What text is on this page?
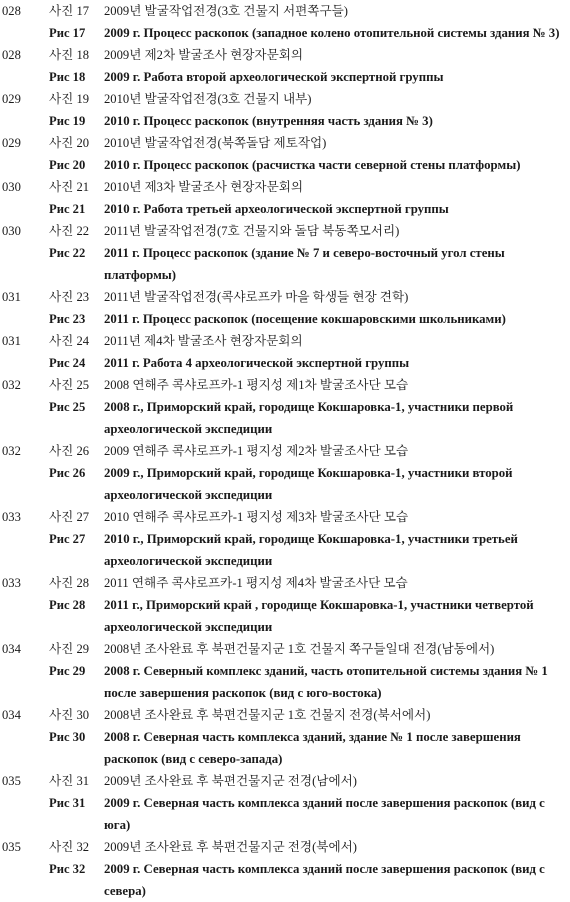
028	사진 17	2009년 발굴작업전경(3호 건물지 서편쪽구들)
Рис 17	2009 г. Процесс раскопок (западное колено отопительной системы здания № 3)
028	사진 18	2009년 제2차 발굴조사 현장자문회의
Рис 18	2009 г. Работа второй археологической экспертной группы
029	사진 19	2010년 발굴작업전경(3호 건물지 내부)
Рис 19	2010 г. Процесс раскопок (внутренняя часть здания № 3)
029	사진 20	2010년 발굴작업전경(북쪽돌담 제토작업)
Рис 20	2010 г. Процесс раскопок (расчистка части северной стены платформы)
030	사진 21	2010년 제3차 발굴조사 현장자문회의
Рис 21	2010 г. Работа третьей археологической экспертной группы
030	사진 22	2011년 발굴작업전경(7호 건물지와 돌담 북동쪽모서리)
Рис 22	2011 г. Процесс раскопок (здание № 7 и северо-восточный угол стены платформы)
031	사진 23	2011년 발굴작업전경(콕샤로프카 마을 학생들 현장 견학)
Рис 23	2011 г. Процесс раскопок (посещение кокшаровскими школьниками)
031	사진 24	2011년 제4차 발굴조사 현장자문회의
Рис 24	2011 г. Работа 4 археологической экспертной группы
032	사진 25	2008 연해주 콕샤로프카-1 평지성 제1차 발굴조사단 모습
Рис 25	2008 г., Приморский край, городище Кокшаровка-1, участники первой археологической экспедиции
032	사진 26	2009 연해주 콕샤로프카-1 평지성 제2차 발굴조사단 모습
Рис 26	2009 г., Приморский край, городище Кокшаровка-1, участники второй археологической экспедиции
033	사진 27	2010 연해주 콕샤로프카-1 평지성 제3차 발굴조사단 모습
Рис 27	2010 г., Приморский край, городище Кокшаровка-1, участники третьей археологической экспедиции
033	사진 28	2011 연해주 콕샤로프카-1 평지성 제4차 발굴조사단 모습
Рис 28	2011 г., Приморский край , городище Кокшаровка-1, участники четвертой археологической экспедиции
034	사진 29	2008년 조사완료 후 북편건물지군 1호 건물지 쪽구들일대 전경(남동에서)
Рис 29	2008 г. Северный комплекс зданий, часть отопительной системы здания № 1 после завершения раскопок (вид с юго-востока)
034	사진 30	2008년 조사완료 후 북편건물지군 1호 건물지 전경(북서에서)
Рис 30	2008 г. Северная часть комплекса зданий, здание № 1 после завершения раскопок (вид с северо-запада)
035	사진 31	2009년 조사완료 후 북편건물지군 전경(남에서)
Рис 31	2009 г. Северная часть комплекса зданий после завершения раскопок (вид с юга)
035	사진 32	2009년 조사완료 후 북편건물지군 전경(북에서)
Рис 32	2009 г. Северная часть комплекса зданий после завершения раскопок (вид с севера)
